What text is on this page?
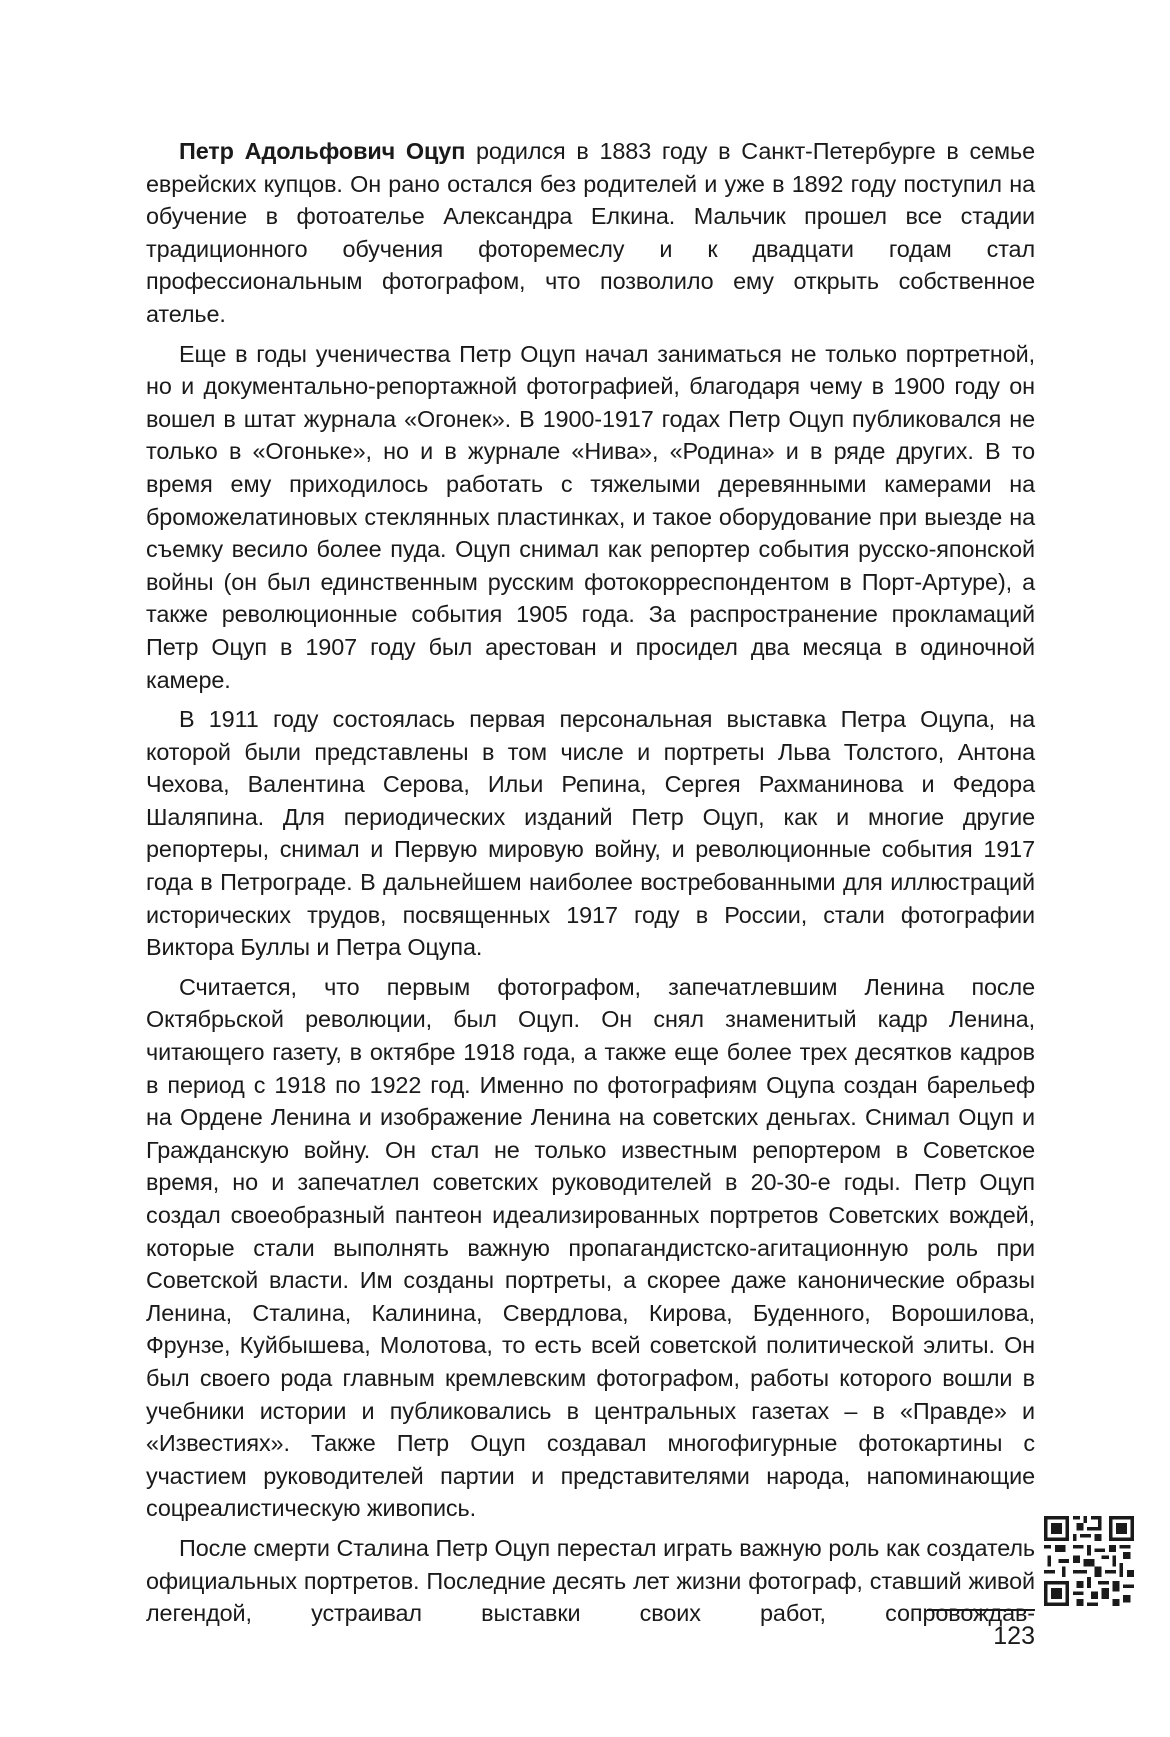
Петр Адольфович Оцуп родился в 1883 году в Санкт-Петербурге в семье еврейских купцов. Он рано остался без родителей и уже в 1892 году поступил на обучение в фотоателье Александра Елкина. Мальчик прошел все стадии традиционного обучения фоторемеслу и к двадцати годам стал профессиональным фотографом, что позволило ему открыть собственное ателье.

Еще в годы ученичества Петр Оцуп начал заниматься не только портретной, но и документально-репортажной фотографией, благодаря чему в 1900 году он вошел в штат журнала «Огонек». В 1900-1917 годах Петр Оцуп публиковался не только в «Огоньке», но и в журнале «Нива», «Родина» и в ряде других. В то время ему приходилось работать с тяжелыми деревянными камерами на броможелатиновых стеклянных пластинках, и такое оборудование при выезде на съемку весило более пуда. Оцуп снимал как репортер события русско-японской войны (он был единственным русским фотокорреспондентом в Порт-Артуре), а также революционные события 1905 года. За распространение прокламаций Петр Оцуп в 1907 году был арестован и просидел два месяца в одиночной камере.

В 1911 году состоялась первая персональная выставка Петра Оцупа, на которой были представлены в том числе и портреты Льва Толстого, Антона Чехова, Валентина Серова, Ильи Репина, Сергея Рахманинова и Федора Шаляпина. Для периодических изданий Петр Оцуп, как и многие другие репортеры, снимал и Первую мировую войну, и революционные события 1917 года в Петрограде. В дальнейшем наиболее востребованными для иллюстраций исторических трудов, посвященных 1917 году в России, стали фотографии Виктора Буллы и Петра Оцупа.

Считается, что первым фотографом, запечатлевшим Ленина после Октябрьской революции, был Оцуп. Он снял знаменитый кадр Ленина, читающего газету, в октябре 1918 года, а также еще более трех десятков кадров в период с 1918 по 1922 год. Именно по фотографиям Оцупа создан барельеф на Ордене Ленина и изображение Ленина на советских деньгах. Снимал Оцуп и Гражданскую войну. Он стал не только известным репортером в Советское время, но и запечатлел советских руководителей в 20-30-е годы. Петр Оцуп создал своеобразный пантеон идеализированных портретов Советских вождей, которые стали выполнять важную пропагандистско-агитационную роль при Советской власти. Им созданы портреты, а скорее даже канонические образы Ленина, Сталина, Калинина, Свердлова, Кирова, Буденного, Ворошилова, Фрунзе, Куйбышева, Молотова, то есть всей советской политической элиты. Он был своего рода главным кремлевским фотографом, работы которого вошли в учебники истории и публиковались в центральных газетах – в «Правде» и «Известиях». Также Петр Оцуп создавал многофигурные фотокартины с участием руководителей партии и представителями народа, напоминающие соцреалистическую живопись.

После смерти Сталина Петр Оцуп перестал играть важную роль как создатель официальных портретов. Последние десять лет жизни фотограф, ставший живой легендой, устраивал выставки своих работ, сопровождав-

123
